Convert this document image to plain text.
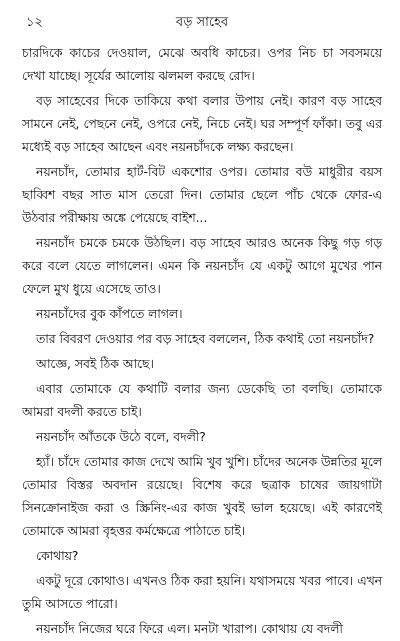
১২	বড় সাহেব

চারদিকে কাচের দেওয়াল, মেঝে অবধি কাচের। ওপর নিচ চা সবসময়ে দেখা যাচ্ছে। সূর্যের আলোয় ঝলমল করছে রোদ।

বড় সাহেবের দিকে তাকিয়ে কথা বলার উপায় নেই। কারণ বড় সাহেব সামনে নেই, পেছনে নেই, ওপরে নেই, নিচে নেই। ঘর সম্পূর্ণ ফাঁকা। তবু এর মধ্যেই বড় সাহেব আছেন এবং নয়নচাঁদকে লক্ষ্য করছেন।

নয়নচাঁদ, তোমার হার্ট-বিট একশোর ওপর। তোমার বউ মাধুরীর বয়স ছাব্বিশ বছর সাত মাস তেরো দিন। তোমার ছেলে পাঁচ থেকে ফোর-এ উঠবার পরীক্ষায় অঙ্কে পেয়েছে বাইশ...

নয়নচাঁদ চমকে চমকে উঠছিল। বড় সাহেব আরও অনেক কিছু গড় গড় করে বলে যেতে লাগলেন। এমন কি নয়নচাঁদ যে একটু আগে মুখের পান ফেলে মুখ ধুয়ে এসেছে তাও।

নয়নচাঁদের বুক কাঁপতে লাগল।

তার বিবরণ দেওয়ার পর বড় সাহেব বললেন, ঠিক কথাই তো নয়নচাঁদ?

আজ্ঞে, সবই ঠিক আছে।

এবার তোমাকে যে কথাটি বলার জন্য ডেকেছি তা বলছি। তোমাকে আমরা বদলী করতে চাই।

নয়নচাঁদ আঁতকে উঠে বলে, বদলী?

হ্যাঁ। চাঁদে তোমার কাজ দেখে আমি খুব খুশি। চাঁদের অনেক উন্নতির মূলে তোমার বিস্তর অবদান রয়েছে। বিশেষ করে ছত্রাক চাষের জায়গাটা সিনক্রোনাইজ করা ও স্ক্রিনিং-এর কাজ খুবই ভাল হয়েছে। এই কারণেই তোমাকে আমরা বৃহত্তর কর্মক্ষেত্রে পাঠাতে চাই।

কোথায়?

একটু দূরে কোথাও। এখনও ঠিক করা হয়নি। যথাসময়ে খবর পাবে। এখন তুমি আসতে পারো।

নয়নচাঁদ নিজের ঘরে ফিরে এল। মনটা খারাপ। কোথায় যে বদলী
